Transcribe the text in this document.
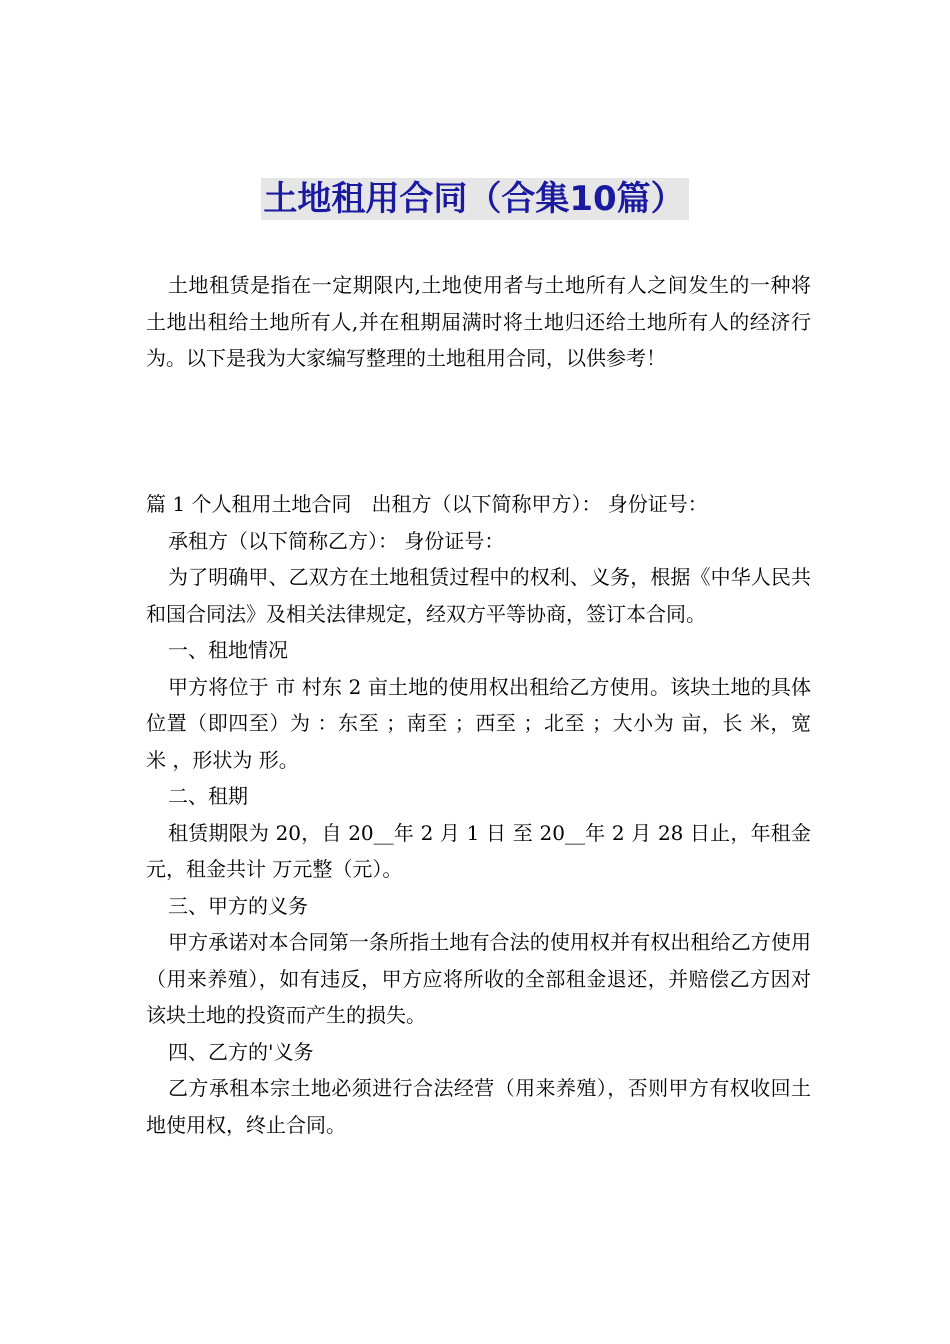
土地租用合同（合集10篇）

土地租赁是指在一定期限内,土地使用者与土地所有人之间发生的一种将土地出租给土地所有人,并在租期届满时将土地归还给土地所有人的经济行为。以下是我为大家编写整理的土地租用合同，以供参考！

篇 1 个人租用土地合同　出租方（以下简称甲方）： 身份证号：

承租方（以下简称乙方）： 身份证号：

为了明确甲、乙双方在土地租赁过程中的权利、义务，根据《中华人民共和国合同法》及相关法律规定，经双方平等协商，签订本合同。

一、租地情况

甲方将位于 市 村东 2 亩土地的使用权出租给乙方使用。该块土地的具体位置（即四至）为 ：东至 ；南至 ；西至 ；北至 ；大小为 亩，长 米，宽 米 ，形状为 形。

二、租期

租赁期限为 20，自 20__年 2 月 1 日 至 20__年 2 月 28 日止，年租金 元，租金共计 万元整（元）。

三、甲方的义务

甲方承诺对本合同第一条所指土地有合法的使用权并有权出租给乙方使用（用来养殖），如有违反，甲方应将所收的全部租金退还，并赔偿乙方因对该块土地的投资而产生的损失。

四、乙方的'义务

乙方承租本宗土地必须进行合法经营（用来养殖），否则甲方有权收回土地使用权，终止合同。
